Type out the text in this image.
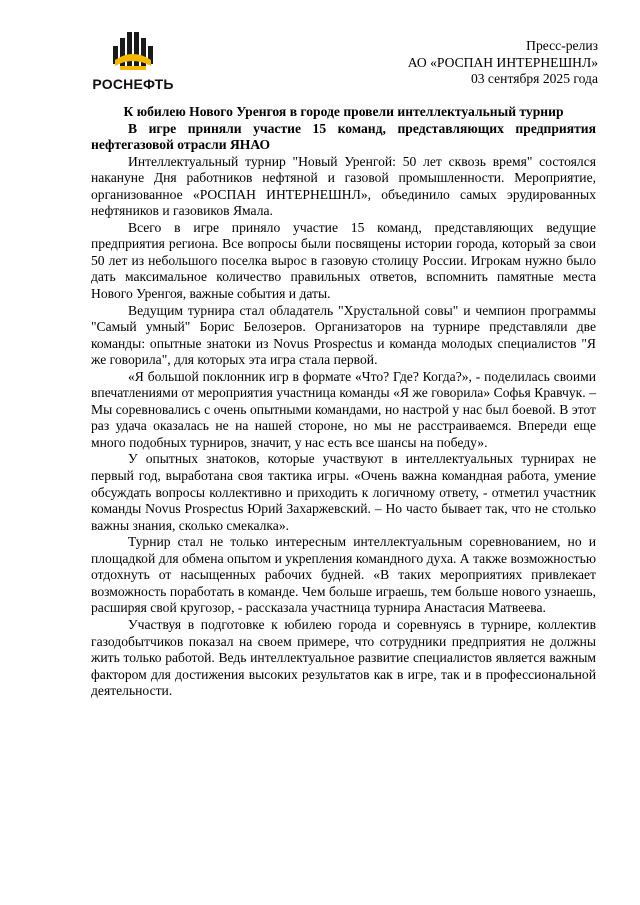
РОСНЕФТЬ
Пресс-релиз
АО «РОСПАН ИНТЕРНЕШНЛ»
03 сентября 2025 года

К юбилею Нового Уренгоя в городе провели интеллектуальный турнир

В игре приняли участие 15 команд, представляющих предприятия нефтегазовой отрасли ЯНАО

Интеллектуальный турнир "Новый Уренгой: 50 лет сквозь время" состоялся накануне Дня работников нефтяной и газовой промышленности. Мероприятие, организованное «РОСПАН ИНТЕРНЕШНЛ», объединило самых эрудированных нефтяников и газовиков Ямала.

Всего в игре приняло участие 15 команд, представляющих ведущие предприятия региона. Все вопросы были посвящены истории города, который за свои 50 лет из небольшого поселка вырос в газовую столицу России. Игрокам нужно было дать максимальное количество правильных ответов, вспомнить памятные места Нового Уренгоя, важные события и даты.

Ведущим турнира стал обладатель "Хрустальной совы" и чемпион программы "Самый умный" Борис Белозеров. Организаторов на турнире представляли две команды: опытные знатоки из Novus Prospectus и команда молодых специалистов "Я же говорила", для которых эта игра стала первой.

«Я большой поклонник игр в формате «Что? Где? Когда?», - поделилась своими впечатлениями от мероприятия участница команды «Я же говорила» Софья Кравчук. – Мы соревновались с очень опытными командами, но настрой у нас был боевой. В этот раз удача оказалась не на нашей стороне, но мы не расстраиваемся. Впереди еще много подобных турниров, значит, у нас есть все шансы на победу».

У опытных знатоков, которые участвуют в интеллектуальных турнирах не первый год, выработана своя тактика игры. «Очень важна командная работа, умение обсуждать вопросы коллективно и приходить к логичному ответу, - отметил участник команды Novus Prospectus Юрий Захаржевский. – Но часто бывает так, что не столько важны знания, сколько смекалка».

Турнир стал не только интересным интеллектуальным соревнованием, но и площадкой для обмена опытом и укрепления командного духа. А также возможностью отдохнуть от насыщенных рабочих будней. «В таких мероприятиях привлекает возможность поработать в команде. Чем больше играешь, тем больше нового узнаешь, расширяя свой кругозор, - рассказала участница турнира Анастасия Матвеева.

Участвуя в подготовке к юбилею города и соревнуясь в турнире, коллектив газодобытчиков показал на своем примере, что сотрудники предприятия не должны жить только работой. Ведь интеллектуальное развитие специалистов является важным фактором для достижения высоких результатов как в игре, так и в профессиональной деятельности.
